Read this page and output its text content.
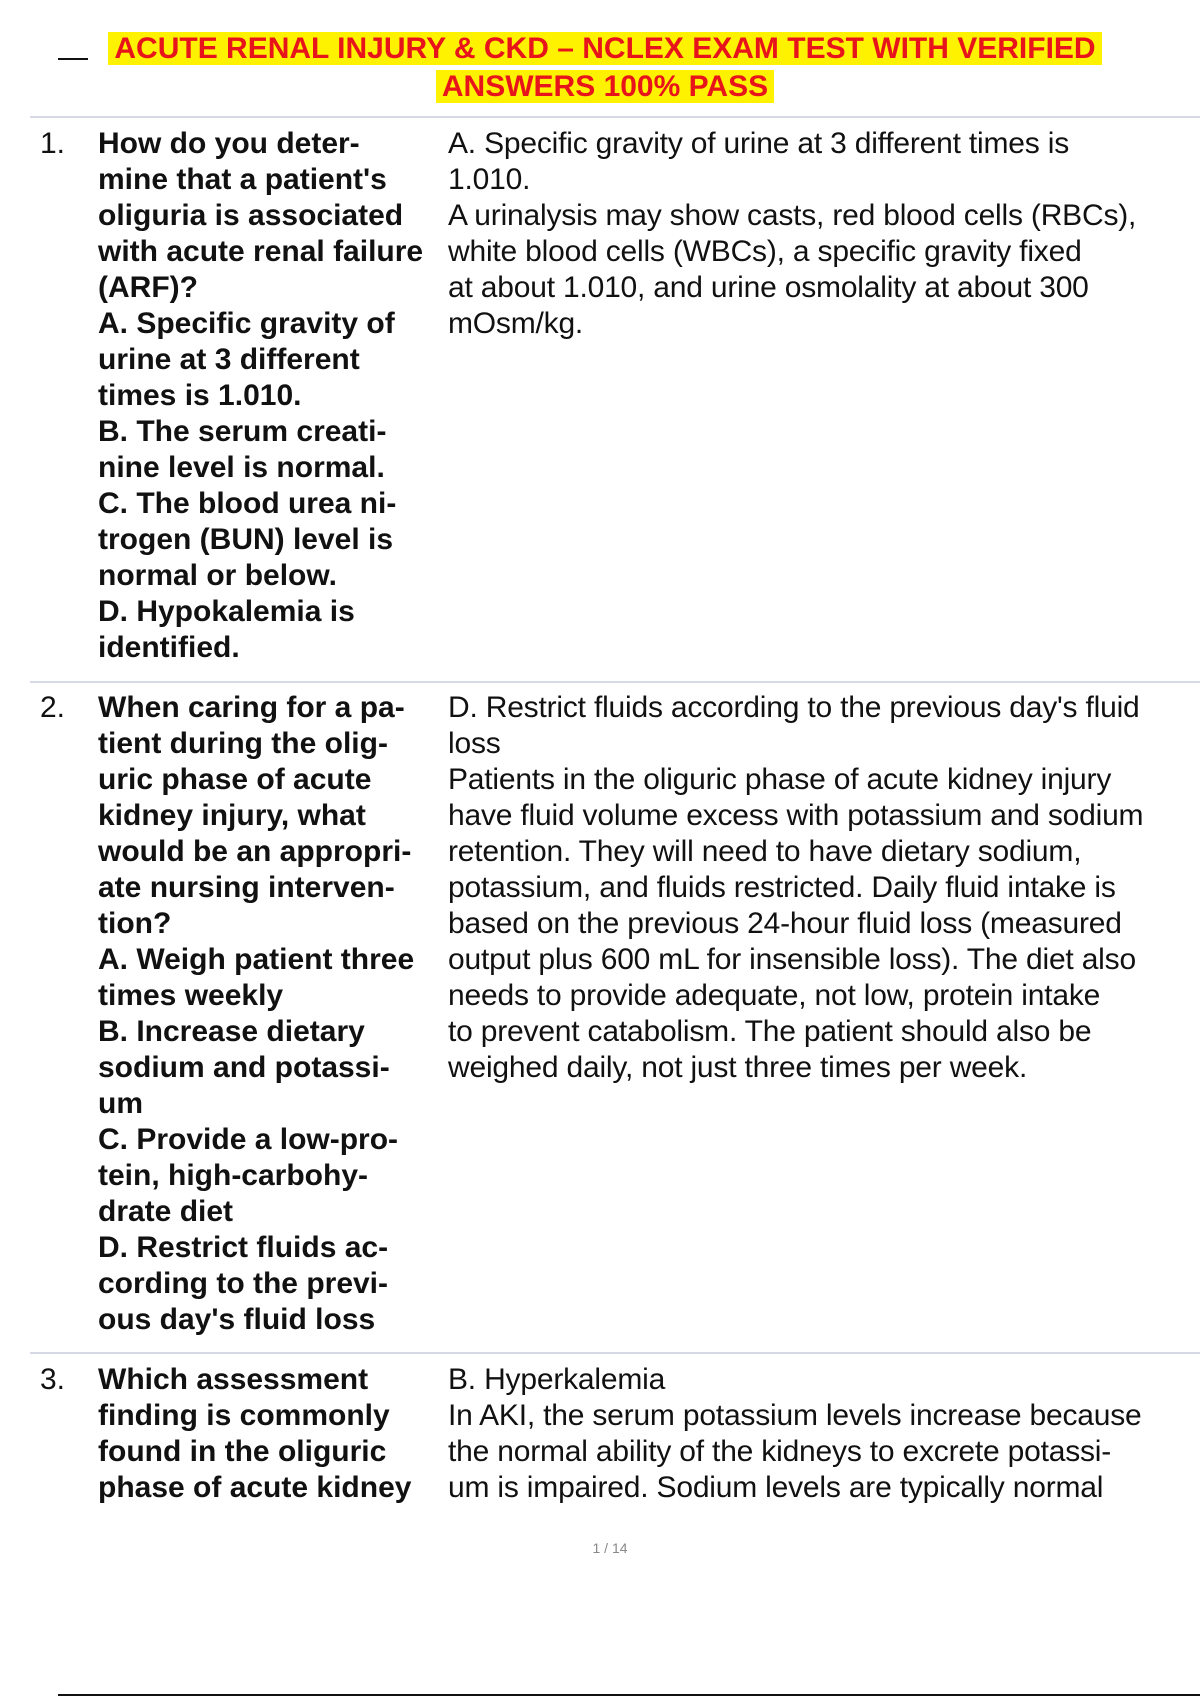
ACUTE RENAL INJURY & CKD – NCLEX EXAM TEST WITH VERIFIED
ANSWERS 100% PASS
1. How do you deter-
mine that a patient's
oliguria is associated
with acute renal failure
(ARF)?
A. Specific gravity of
urine at 3 different
times is 1.010.
B. The serum creati-
nine level is normal.
C. The blood urea ni-
trogen (BUN) level is
normal or below.
D. Hypokalemia is
identified.
A. Specific gravity of urine at 3 different times is
1.010.
A urinalysis may show casts, red blood cells (RBCs),
white blood cells (WBCs), a specific gravity fixed
at about 1.010, and urine osmolality at about 300
mOsm/kg.
2. When caring for a pa-
tient during the olig-
uric phase of acute
kidney injury, what
would be an appropri-
ate nursing interven-
tion?
A. Weigh patient three
times weekly
B. Increase dietary
sodium and potassi-
um
C. Provide a low-pro-
tein, high-carbohy-
drate diet
D. Restrict fluids ac-
cording to the previ-
ous day's fluid loss
D. Restrict fluids according to the previous day's fluid
loss
Patients in the oliguric phase of acute kidney injury
have fluid volume excess with potassium and sodium
retention. They will need to have dietary sodium,
potassium, and fluids restricted. Daily fluid intake is
based on the previous 24-hour fluid loss (measured
output plus 600 mL for insensible loss). The diet also
needs to provide adequate, not low, protein intake
to prevent catabolism. The patient should also be
weighed daily, not just three times per week.
3. Which assessment
finding is commonly
found in the oliguric
phase of acute kidney
B. Hyperkalemia
In AKI, the serum potassium levels increase because
the normal ability of the kidneys to excrete potassi-
um is impaired. Sodium levels are typically normal
1 / 14
